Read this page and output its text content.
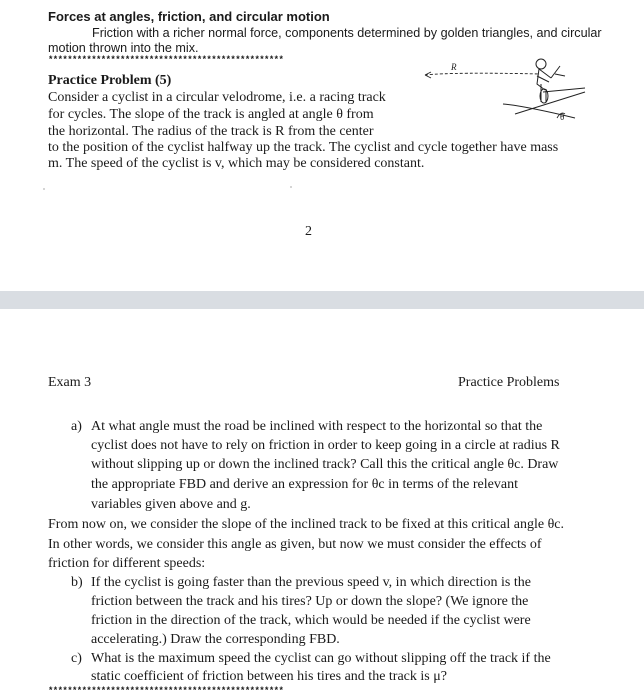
Forces at angles, friction, and circular motion
Friction with a richer normal force, components determined by golden triangles, and circular motion thrown into the mix.
*************************************************
Practice Problem (5)
Consider a cyclist in a circular velodrome, i.e. a racing track
for cycles. The slope of the track is angled at angle θ from
the horizontal. The radius of the track is R from the center
to the position of the cyclist halfway up the track. The cyclist and cycle together have mass
m. The speed of the cyclist is v, which may be considered constant.
R
θ
2
Exam 3	Practice Problems
a) At what angle must the road be inclined with respect to the horizontal so that the
cyclist does not have to rely on friction in order to keep going in a circle at radius R
without slipping up or down the inclined track? Call this the critical angle θc. Draw
the appropriate FBD and derive an expression for θc in terms of the relevant
variables given above and g.
From now on, we consider the slope of the inclined track to be fixed at this critical angle θc.
In other words, we consider this angle as given, but now we must consider the effects of
friction for different speeds:
b) If the cyclist is going faster than the previous speed v, in which direction is the
friction between the track and his tires? Up or down the slope? (We ignore the
friction in the direction of the track, which would be needed if the cyclist were
accelerating.) Draw the corresponding FBD.
c) What is the maximum speed the cyclist can go without slipping off the track if the
static coefficient of friction between his tires and the track is μ?
*************************************************
